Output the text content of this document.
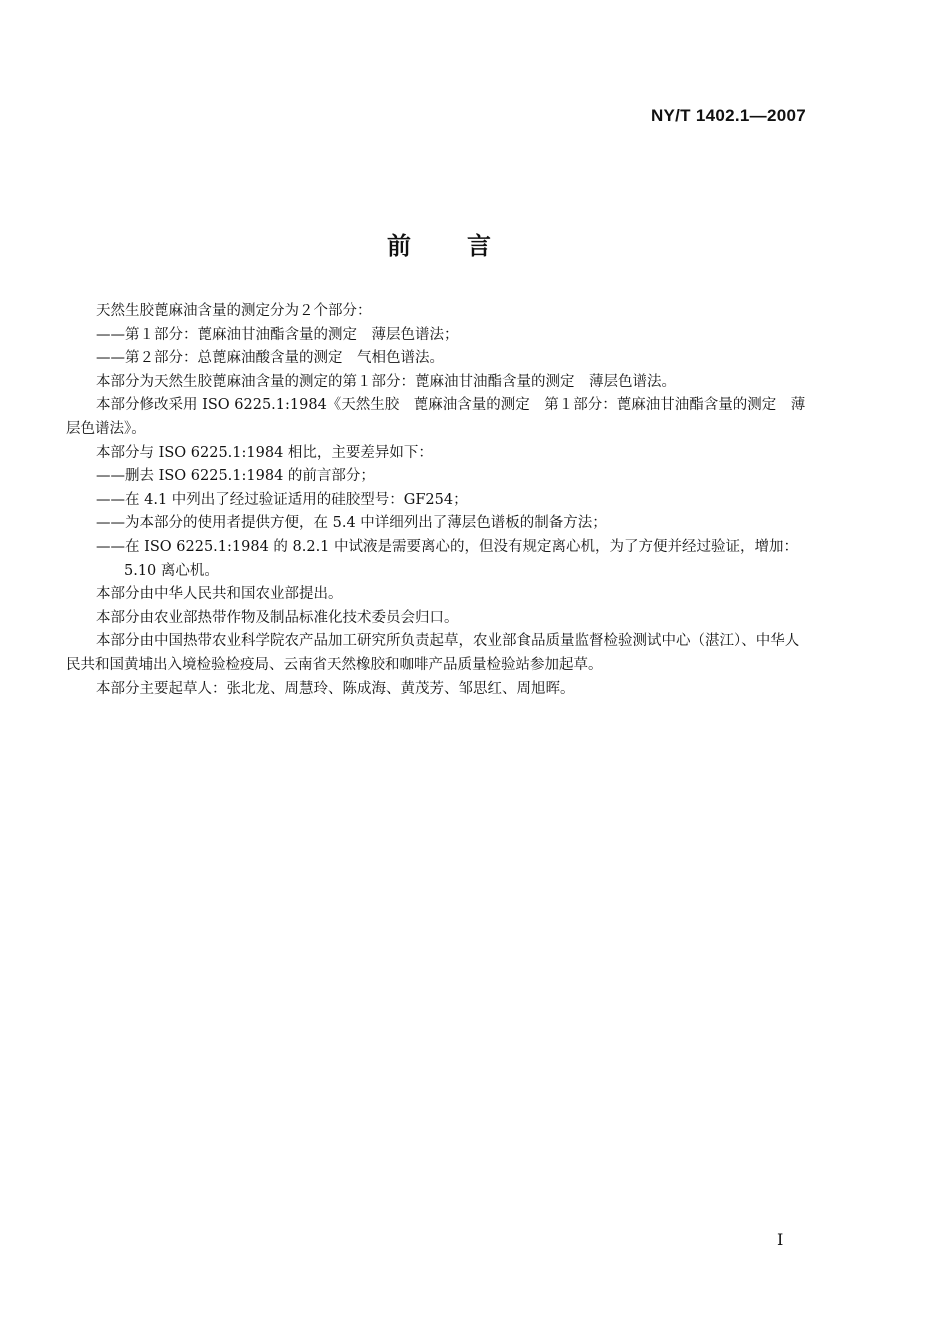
NY/T 1402.1—2007
前 言

天然生胶蓖麻油含量的测定分为２个部分：

——第１部分：蓖麻油甘油酯含量的测定　薄层色谱法；

——第２部分：总蓖麻油酸含量的测定　气相色谱法。

本部分为天然生胶蓖麻油含量的测定的第１部分：蓖麻油甘油酯含量的测定　薄层色谱法。

本部分修改采用 ISO 6225.1:1984《天然生胶　蓖麻油含量的测定　第１部分：蓖麻油甘油酯含量的测定　薄层色谱法》。

本部分与 ISO 6225.1:1984 相比，主要差异如下：

——删去 ISO 6225.1:1984 的前言部分；

——在 4.1 中列出了经过验证适用的硅胶型号：GF254；

——为本部分的使用者提供方便，在 5.4 中详细列出了薄层色谱板的制备方法；

——在 ISO 6225.1:1984 的 8.2.1 中试液是需要离心的，但没有规定离心机，为了方便并经过验证，增加：5.10 离心机。

本部分由中华人民共和国农业部提出。

本部分由农业部热带作物及制品标准化技术委员会归口。

本部分由中国热带农业科学院农产品加工研究所负责起草，农业部食品质量监督检验测试中心（湛江）、中华人民共和国黄埔出入境检验检疫局、云南省天然橡胶和咖啡产品质量检验站参加起草。

本部分主要起草人：张北龙、周慧玲、陈成海、黄茂芳、邹思红、周旭晖。

I
